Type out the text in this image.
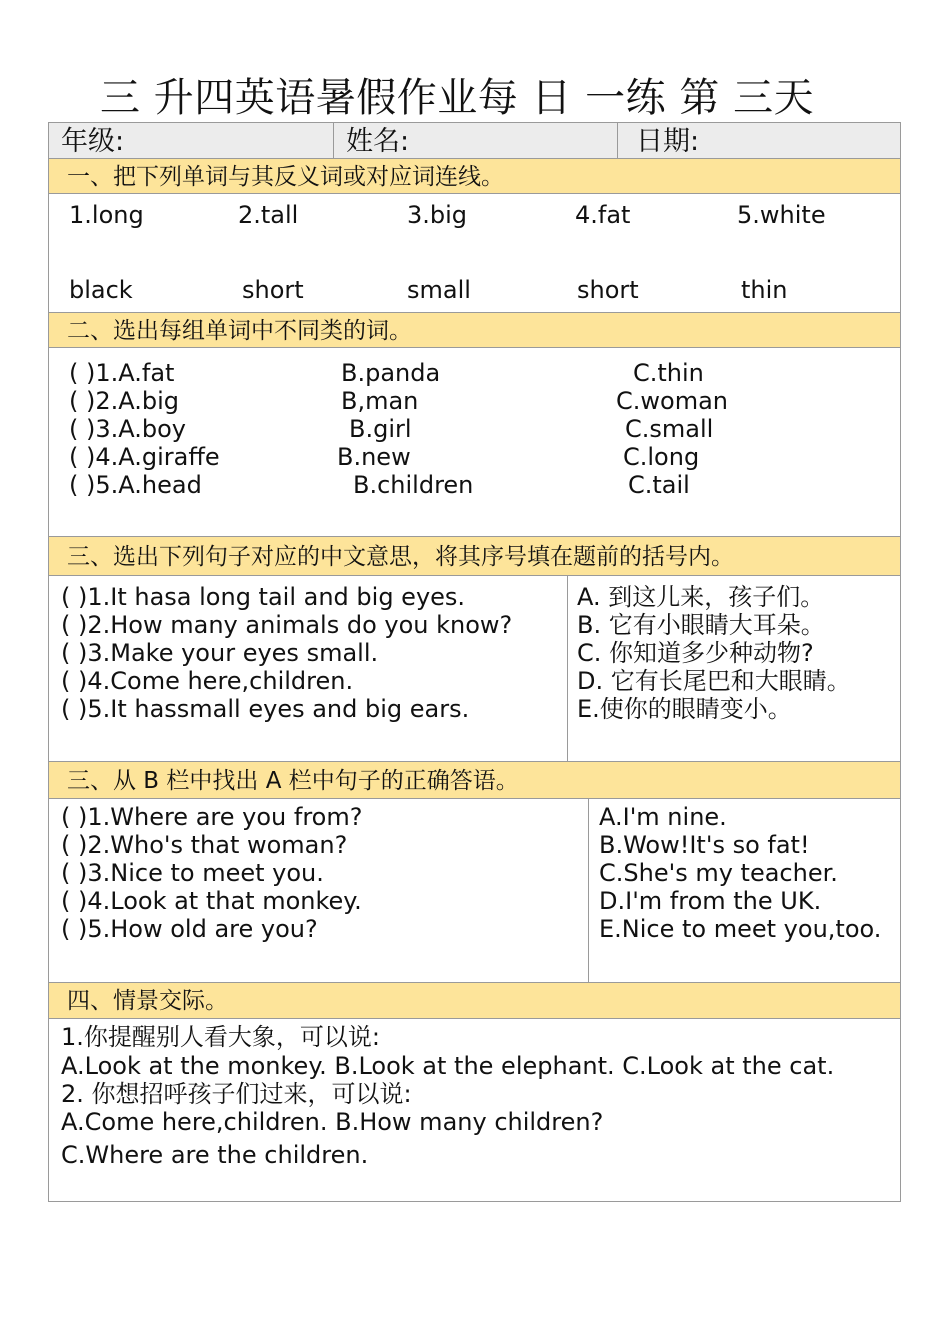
三 升四英语暑假作业每 日 一练 第 三天
年级:	姓名:	日期:
一、把下列单词与其反义词或对应词连线。
1.long	2.tall	3.big	4.fat	5.white
black	short	small	short	thin
二、选出每组单词中不同类的词。
( )1.A.fat	B.panda	C.thin
( )2.A.big	B,man	C.woman
( )3.A.boy	B.girl	C.small
( )4.A.giraffe	B.new	C.long
( )5.A.head	B.children	C.tail
三、选出下列句子对应的中文意思，将其序号填在题前的括号内。
( )1.It hasa long tail and big eyes.
( )2.How many animals do you know?
( )3.Make your eyes small.
( )4.Come here,children.
( )5.It hassmall eyes and big ears.
A. 到这儿来，孩子们。
B. 它有小眼睛大耳朵。
C. 你知道多少种动物?
D. 它有长尾巴和大眼睛。
E.使你的眼睛变小。
三、从 B 栏中找出 A 栏中句子的正确答语。
( )1.Where are you from?
( )2.Who's that woman?
( )3.Nice to meet you.
( )4.Look at that monkey.
( )5.How old are you?
A.I'm nine.
B.Wow!It's so fat!
C.She's my teacher.
D.I'm from the UK.
E.Nice to meet you,too.
四、情景交际。
1.你提醒别人看大象，可以说:
A.Look at the monkey. B.Look at the elephant. C.Look at the cat.
2. 你想招呼孩子们过来，可以说:
A.Come here,children. B.How many children?
C.Where are the children.
